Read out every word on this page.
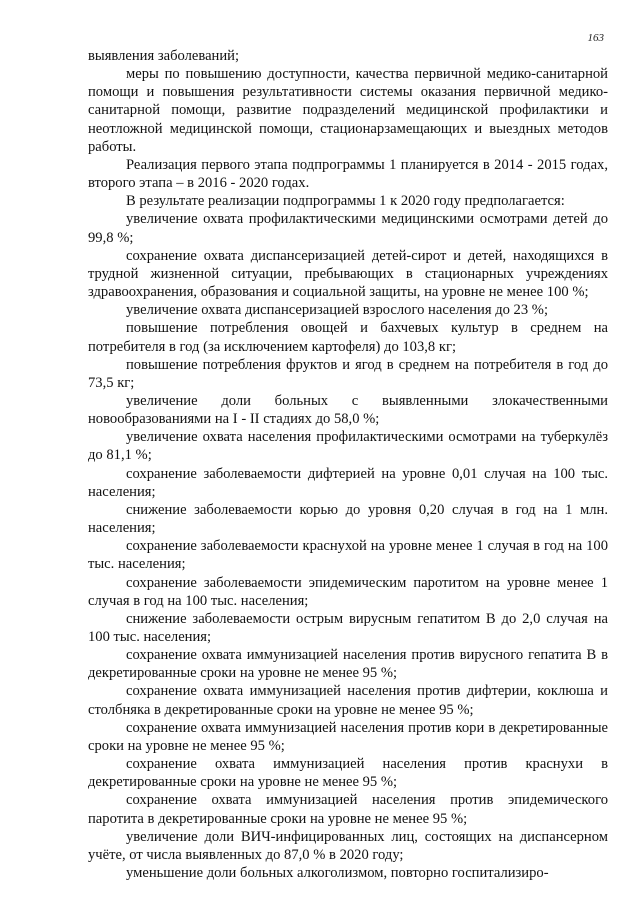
163

выявления заболеваний;

меры по повышению доступности, качества первичной медико-санитарной помощи и повышения результативности системы оказания первичной медико-санитарной помощи, развитие подразделений медицинской профилактики и неотложной медицинской помощи, стационарзамещающих и выездных методов работы.

Реализация первого этапа подпрограммы 1 планируется в 2014 - 2015 годах, второго этапа – в 2016 - 2020 годах.

В результате реализации подпрограммы 1 к 2020 году предполагается:

увеличение охвата профилактическими медицинскими осмотрами детей до 99,8 %;

сохранение охвата диспансеризацией детей-сирот и детей, находящихся в трудной жизненной ситуации, пребывающих в стационарных учреждениях здравоохранения, образования и социальной защиты, на уровне не менее 100 %;

увеличение охвата диспансеризацией взрослого населения до 23 %;

повышение потребления овощей и бахчевых культур в среднем на потребителя в год (за исключением картофеля) до 103,8 кг;

повышение потребления фруктов и ягод в среднем на потребителя в год до 73,5 кг;

увеличение доли больных с выявленными злокачественными новообразованиями на I - II стадиях до 58,0 %;

увеличение охвата населения профилактическими осмотрами на туберкулёз до 81,1 %;

сохранение заболеваемости дифтерией на уровне 0,01 случая на 100 тыс. населения;

снижение заболеваемости корью до уровня 0,20 случая в год на 1 млн. населения;

сохранение заболеваемости краснухой на уровне менее 1 случая в год на 100 тыс. населения;

сохранение заболеваемости эпидемическим паротитом на уровне менее 1 случая в год на 100 тыс. населения;

снижение заболеваемости острым вирусным гепатитом В до 2,0 случая на 100 тыс. населения;

сохранение охвата иммунизацией населения против вирусного гепатита В в декретированные сроки на уровне не менее 95 %;

сохранение охвата иммунизацией населения против дифтерии, коклюша и столбняка в декретированные сроки на уровне не менее 95 %;

сохранение охвата иммунизацией населения против кори в декретированные сроки на уровне не менее 95 %;

сохранение охвата иммунизацией населения против краснухи в декретированные сроки на уровне не менее 95 %;

сохранение охвата иммунизацией населения против эпидемического паротита в декретированные сроки на уровне не менее 95 %;

увеличение доли ВИЧ-инфицированных лиц, состоящих на диспансерном учёте, от числа выявленных до 87,0 % в 2020 году;

уменьшение доли больных алкоголизмом, повторно госпитализиро-
